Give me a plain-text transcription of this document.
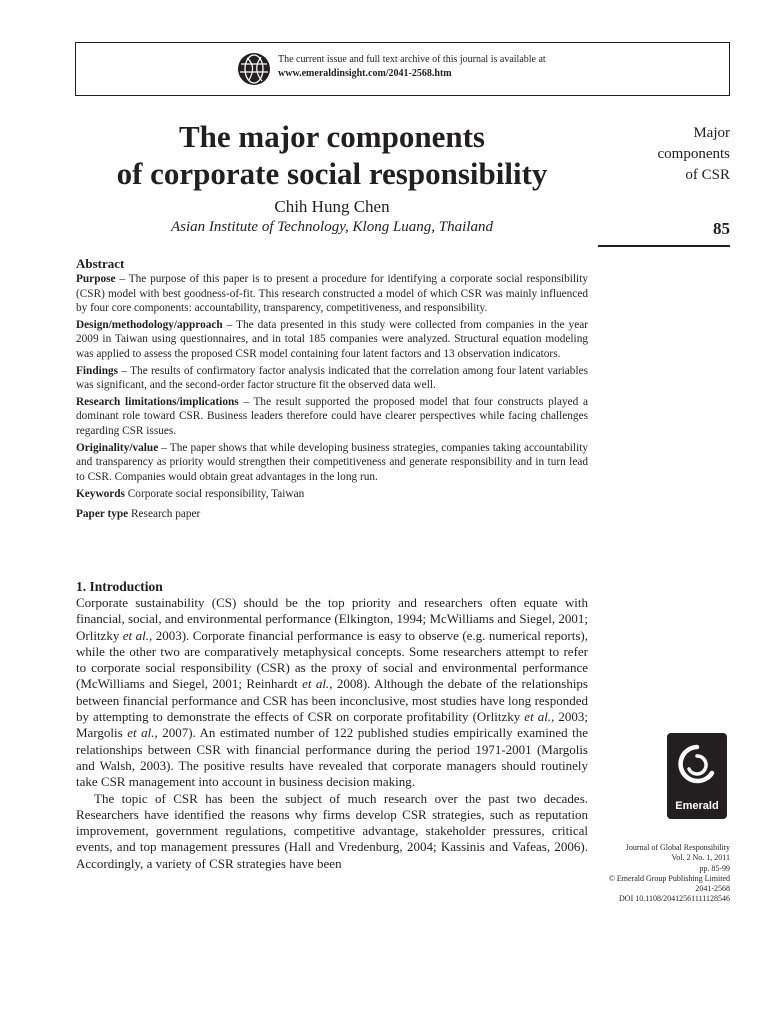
The current issue and full text archive of this journal is available at
www.emeraldinsight.com/2041-2568.htm
The major components
of corporate social responsibility
Chih Hung Chen
Asian Institute of Technology, Klong Luang, Thailand
Major
components
of CSR
85
Abstract

Purpose – The purpose of this paper is to present a procedure for identifying a corporate social responsibility (CSR) model with best goodness-of-fit. This research constructed a model of which CSR was mainly influenced by four core components: accountability, transparency, competitiveness, and responsibility.

Design/methodology/approach – The data presented in this study were collected from companies in the year 2009 in Taiwan using questionnaires, and in total 185 companies were analyzed. Structural equation modeling was applied to assess the proposed CSR model containing four latent factors and 13 observation indicators.

Findings – The results of confirmatory factor analysis indicated that the correlation among four latent variables was significant, and the second-order factor structure fit the observed data well.

Research limitations/implications – The result supported the proposed model that four constructs played a dominant role toward CSR. Business leaders therefore could have clearer perspectives while facing challenges regarding CSR issues.

Originality/value – The paper shows that while developing business strategies, companies taking accountability and transparency as priority would strengthen their competitiveness and generate responsibility and in turn lead to CSR. Companies would obtain great advantages in the long run.

Keywords Corporate social responsibility, Taiwan

Paper type Research paper

1. Introduction

Corporate sustainability (CS) should be the top priority and researchers often equate with financial, social, and environmental performance (Elkington, 1994; McWilliams and Siegel, 2001; Orlitzky et al., 2003). Corporate financial performance is easy to observe (e.g. numerical reports), while the other two are comparatively metaphysical concepts. Some researchers attempt to refer to corporate social responsibility (CSR) as the proxy of social and environmental performance (McWilliams and Siegel, 2001; Reinhardt et al., 2008). Although the debate of the relationships between financial performance and CSR has been inconclusive, most studies have long responded by attempting to demonstrate the effects of CSR on corporate profitability (Orlitzky et al., 2003; Margolis et al., 2007). An estimated number of 122 published studies empirically examined the relationships between CSR with financial performance during the period 1971-2001 (Margolis and Walsh, 2003). The positive results have revealed that corporate managers should routinely take CSR management into account in business decision making.

The topic of CSR has been the subject of much research over the past two decades. Researchers have identified the reasons why firms develop CSR strategies, such as reputation improvement, government regulations, competitive advantage, stakeholder pressures, critical events, and top management pressures (Hall and Vredenburg, 2004; Kassinis and Vafeas, 2006). Accordingly, a variety of CSR strategies have been

Emerald
Journal of Global Responsibility
Vol. 2 No. 1, 2011
pp. 85-99
© Emerald Group Publishing Limited
2041-2568
DOI 10.1108/20412561111128546
